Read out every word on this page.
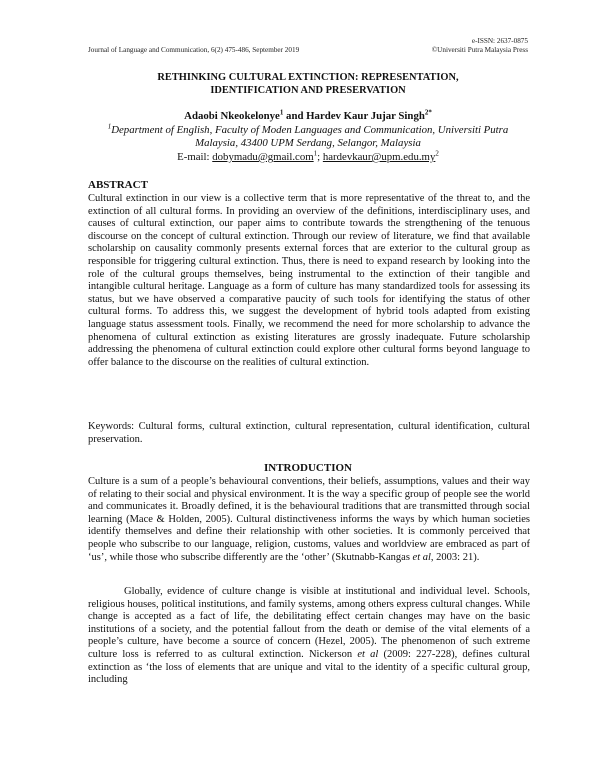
Journal of Language and Communication, 6(2) 475-486, September 2019
e-ISSN: 2637-0875
©Universiti Putra Malaysia Press
RETHINKING CULTURAL EXTINCTION: REPRESENTATION,
IDENTIFICATION AND PRESERVATION
Adaobi Nkeokelonye$^1$ and Hardev Kaur Jujar Singh$^{2*}$
$^1$Department of English, Faculty of Moden Languages and Communication, Universiti Putra
Malaysia, 43400 UPM Serdang, Selangor, Malaysia
E-mail: dobymadu@gmail.com$^1$; $hardevkaur@upm.edu.my^2$
ABSTRACT

Cultural extinction in our view is a collective term that is more representative of the threat to, and the extinction of all cultural forms. In providing an overview of the definitions, interdisciplinary uses, and causes of cultural extinction, our paper aims to contribute towards the strengthening of the tenuous discourse on the concept of cultural extinction. Through our review of literature, we find that available scholarship on causality commonly presents external forces that are exterior to the cultural group as responsible for triggering cultural extinction. Thus, there is need to expand research by looking into the role of the cultural groups themselves, being instrumental to the extinction of their tangible and intangible cultural heritage. Language as a form of culture has many standardized tools for assessing its status, but we have observed a comparative paucity of such tools for identifying the status of other cultural forms. To address this, we suggest the development of hybrid tools adapted from existing language status assessment tools. Finally, we recommend the need for more scholarship to advance the phenomena of cultural extinction as existing literatures are grossly inadequate. Future scholarship addressing the phenomena of cultural extinction could explore other cultural forms beyond language to offer balance to the discourse on the realities of cultural extinction.

Keywords: Cultural forms, cultural extinction, cultural representation, cultural identification, cultural preservation.

INTRODUCTION

Culture is a sum of a people’s behavioural conventions, their beliefs, assumptions, values and their way of relating to their social and physical environment. It is the way a specific group of people see the world and communicates it. Broadly defined, it is the behavioural traditions that are transmitted through social learning (Mace & Holden, 2005). Cultural distinctiveness informs the ways by which human societies identify themselves and define their relationship with other societies. It is commonly perceived that people who subscribe to our language, religion, customs, values and worldview are embraced as part of ‘us’, while those who subscribe differently are the ‘other’ (Skutnabb-Kangas et al, 2003: 21).

Globally, evidence of culture change is visible at institutional and individual level. Schools, religious houses, political institutions, and family systems, among others express cultural changes. While change is accepted as a fact of life, the debilitating effect certain changes may have on the basic institutions of a society, and the potential fallout from the death or demise of the vital elements of a people’s culture, have become a source of concern (Hezel, 2005). The phenomenon of such extreme culture loss is referred to as cultural extinction. Nickerson et al (2009: 227-228), defines cultural extinction as ‘the loss of elements that are unique and vital to the identity of a specific cultural group, including
